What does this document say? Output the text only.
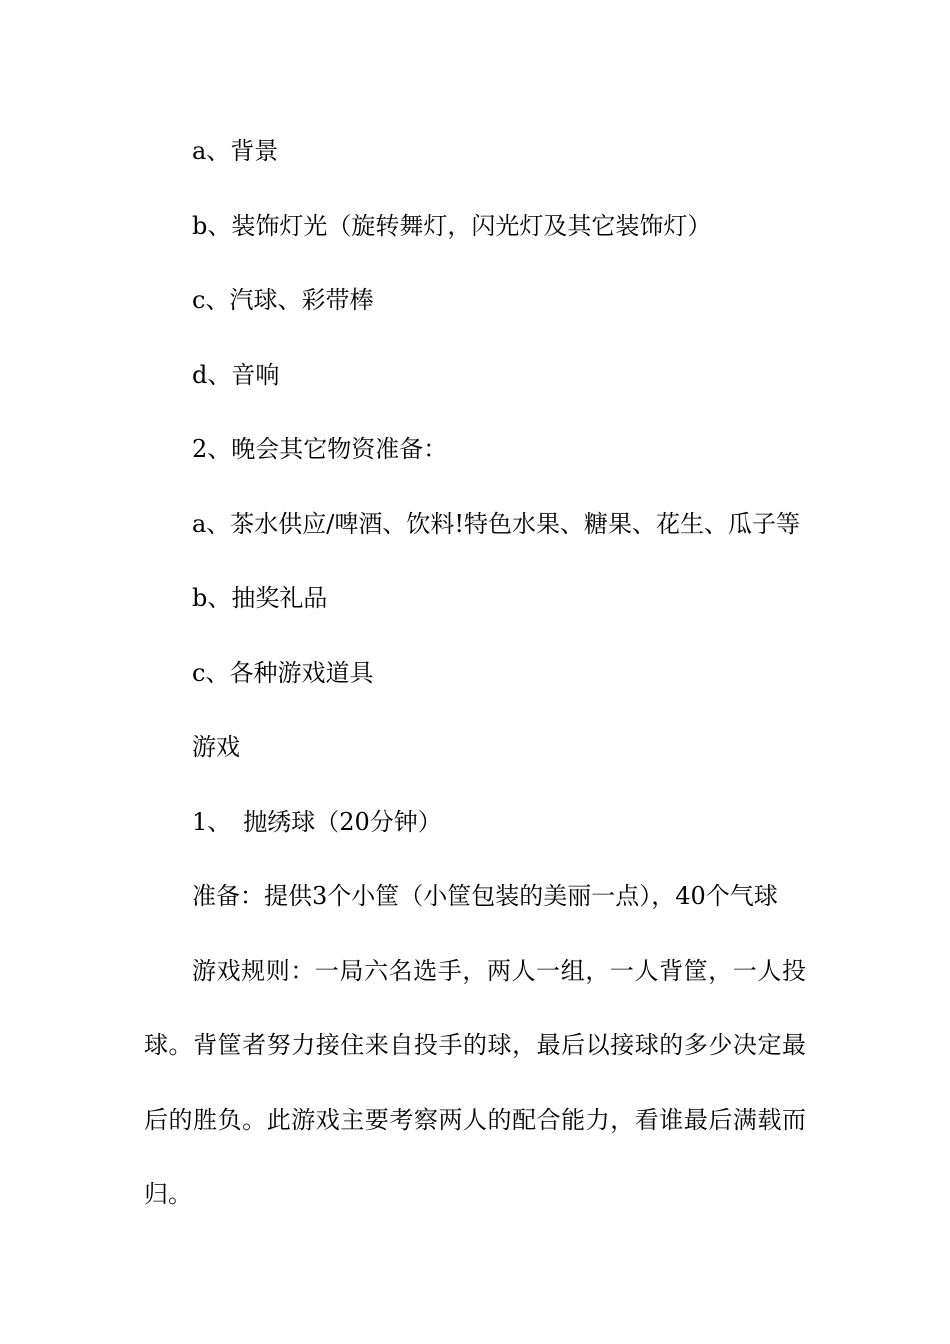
a、背景

b、装饰灯光（旋转舞灯，闪光灯及其它装饰灯）

c、汽球、彩带棒

d、音响

2、晚会其它物资准备：

a、茶水供应/啤酒、饮料!特色水果、糖果、花生、瓜子等

b、抽奖礼品

c、各种游戏道具

游戏

1、　抛绣球（20分钟）

准备：提供3个小筐（小筐包装的美丽一点），40个气球

游戏规则：一局六名选手，两人一组，一人背筐，一人投球。背筐者努力接住来自投手的球，最后以接球的多少决定最后的胜负。此游戏主要考察两人的配合能力，看谁最后满载而归。
